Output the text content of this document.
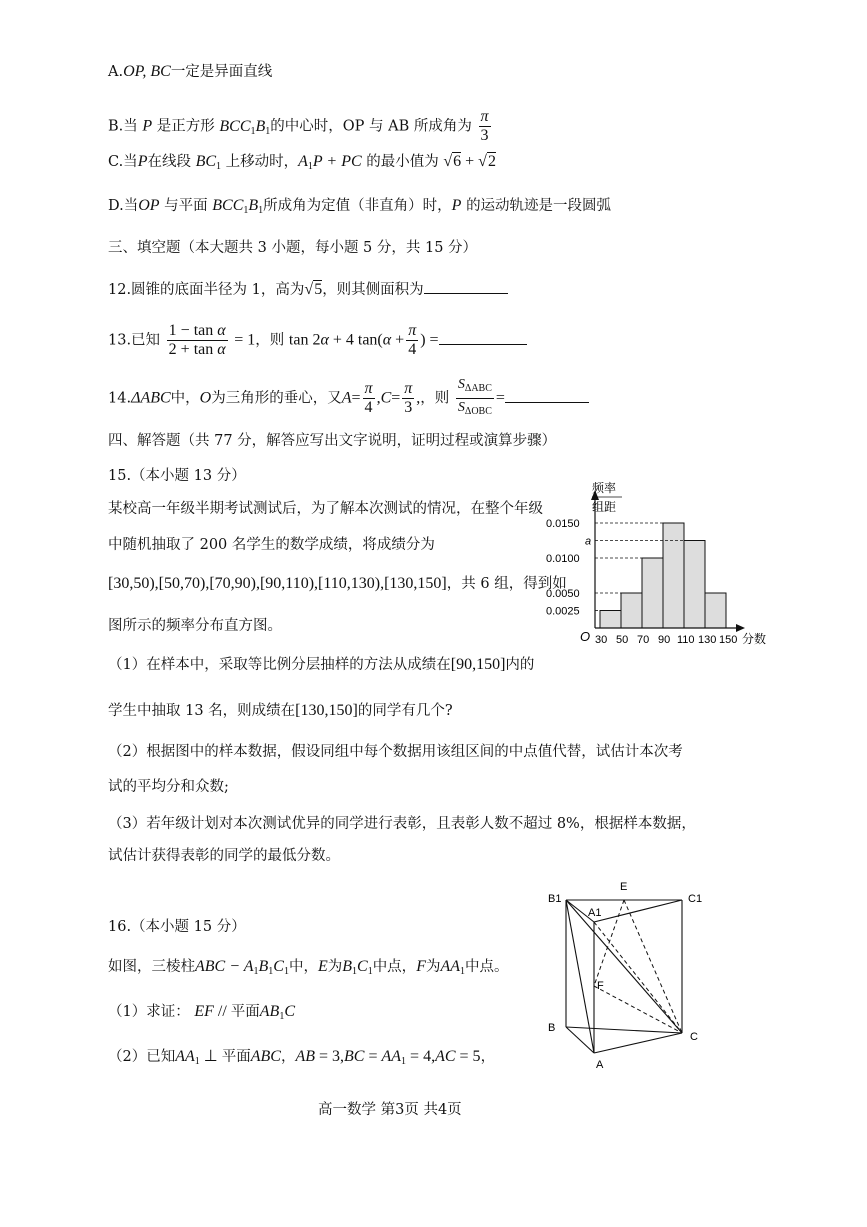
A.OP, BC一定是异面直线
B.当 P 是正方形 $BCC_1B_1$的中心时，OP 与 AB 所成角为 $\frac{\pi}{3}$
C.当P在线段 $BC_1$ 上移动时，$A_1P$ + PC 的最小值为 √6 + √2
D.当OP 与平面 $BCC_1B_1$所成角为定值（非直角）时，P 的运动轨迹是一段圆弧
三、填空题（本大题共 3 小题，每小题 5 分，共 15 分）
12.圆锥的底面半径为 1，高为√5，则其侧面积为
13.已知 $\frac{\text{1 − tan α}}{\text{2 + tan α}} = 1$，则 tan 2α + 4 $\tan(\alpha + \frac{\pi}{4}$ ) =
14.ΔABC中，O为三角形的垂心，又$A= \frac{\pi}{4} ,C= \frac{\pi}{3}$ ,，则 $\frac{S_{\Delta ABC}}{S_{\Delta OBC}}$ =
四、解答题（共 77 分，解答应写出文字说明，证明过程或演算步骤）
15.（本小题 13 分）
某校高一年级半期考试测试后，为了解本次测试的情况，在整个年级
中随机抽取了 200 名学生的数学成绩，将成绩分为
[30,50),[50,70),[70,90),[90,110),[110,130),[130,150]，共 6 组，得到如
图所示的频率分布直方图。
（1）在样本中，采取等比例分层抽样的方法从成绩在[90,150]内的
学生中抽取 13 名，则成绩在[130,150]的同学有几个?
（2）根据图中的样本数据，假设同组中每个数据用该组区间的中点值代替，试估计本次考
试的平均分和众数;
（3）若年级计划对本次测试优异的同学进行表彰，且表彰人数不超过 8%，根据样本数据，
试估计获得表彰的同学的最低分数。
0.0025
0.0050
0.0100
0.0150
a
30 50 70 90 110 130 150
O
频率
组距
分数
16.（本小题 15 分）
如图，三棱柱ABC − $A_1B_1C_1$中，E为$B_1C_1$中点，F为$AA_1$中点。
（1）求证： EF // 平面$AB_1C$
（2）已知$AA_1$ ⊥ 平面ABC，AB = $3,BC = AA_1 = 4,AC = 5$，
B1
E
C1
A1
F
B
C
A
高一数学 第3页 共4页
